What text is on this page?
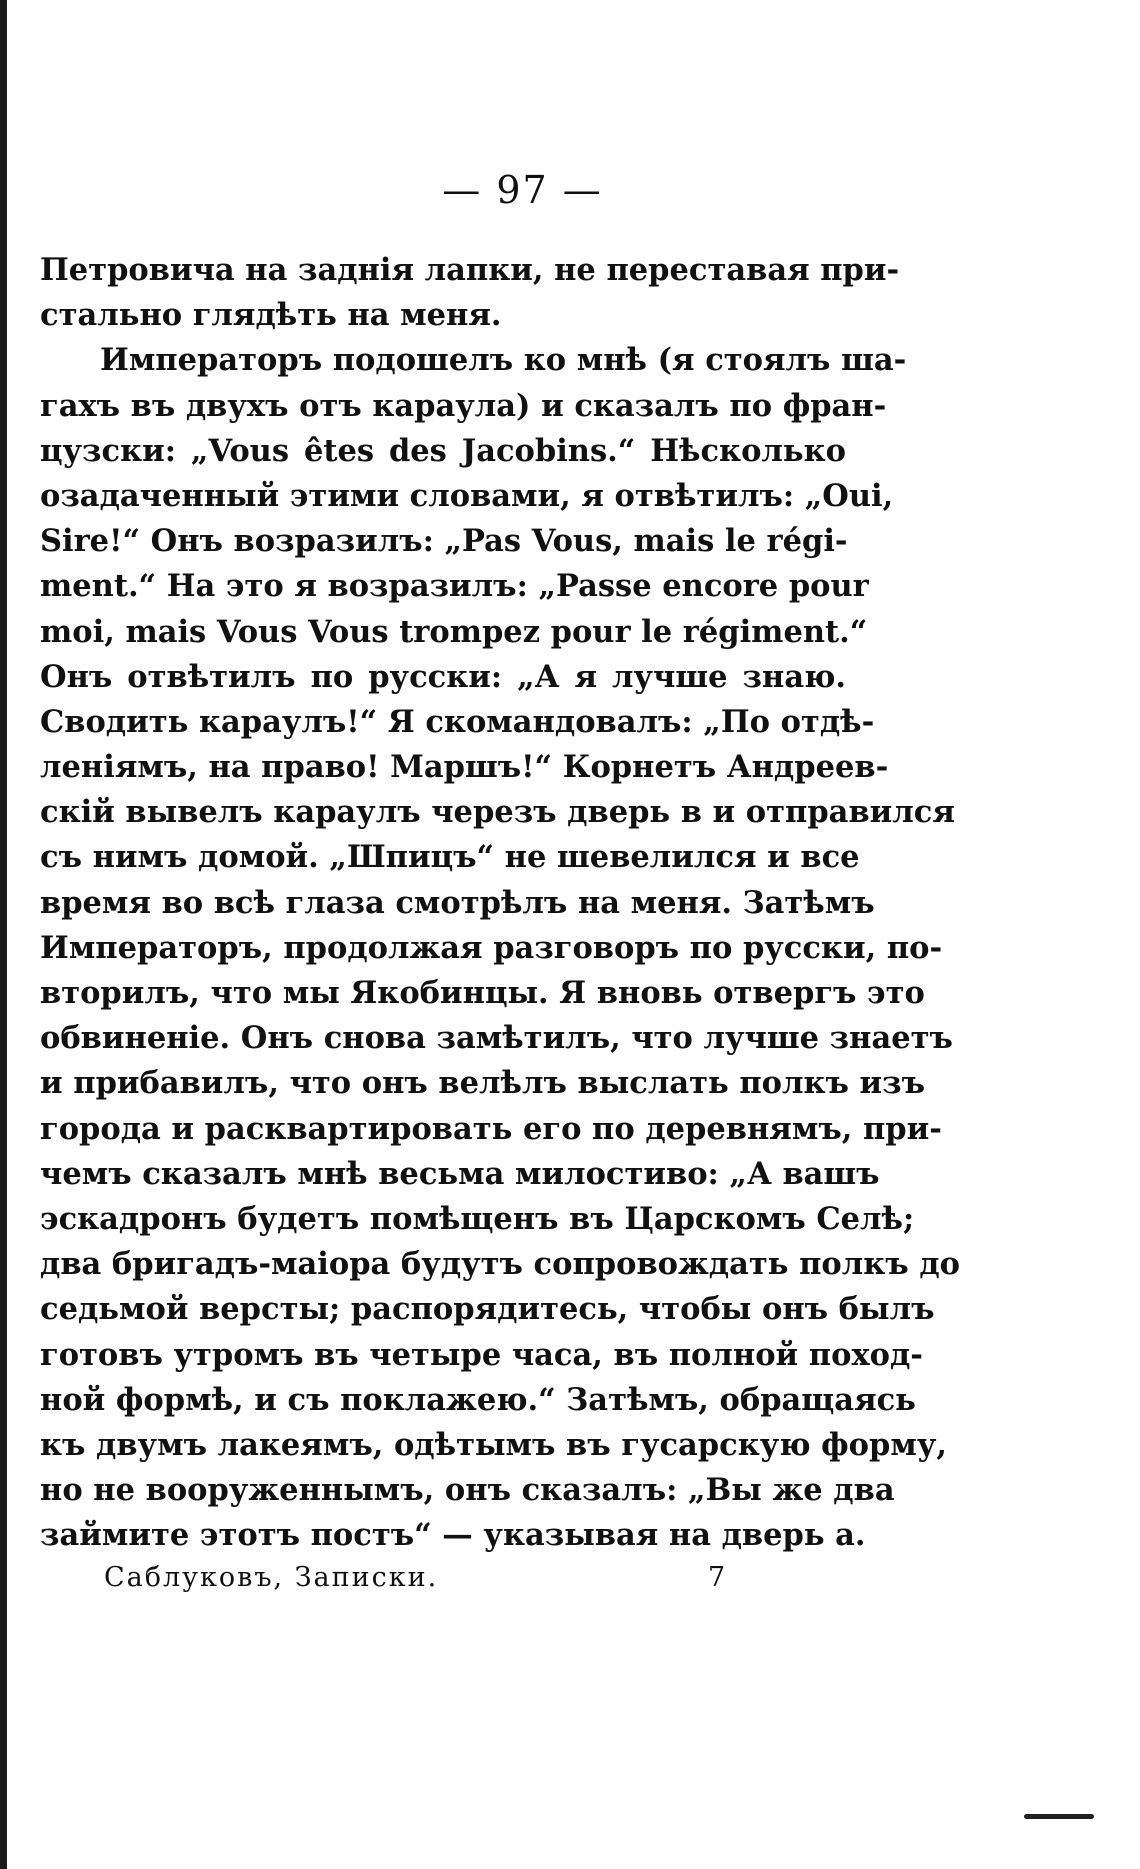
— 97 —
Петровича на заднія лапки, не переставая при-
стально глядѣть на меня.
Императоръ подошелъ ко мнѣ (я стоялъ ша-
гахъ въ двухъ отъ караула) и сказалъ по фран-
цузски: „Vous êtes des Jacobins.“ Нѣсколько
озадаченный этими словами, я отвѣтилъ: „Oui,
Sire!“ Онъ возразилъ: „Pas Vous, mais le régi-
ment.“ На это я возразилъ: „Passe encore pour
moi, mais Vous Vous trompez pour le régiment.“
Онъ отвѣтилъ по русски: „А я лучше знаю.
Сводить караулъ!“ Я скомандовалъ: „По отдѣ-
леніямъ, на право! Маршъ!“ Корнетъ Андреев-
скій вывелъ караулъ черезъ дверь в и отправился
съ нимъ домой. „Шпицъ“ не шевелился и все
время во всѣ глаза смотрѣлъ на меня. Затѣмъ
Императоръ, продолжая разговоръ по русски, по-
вторилъ, что мы Якобинцы. Я вновь отвергъ это
обвиненіе. Онъ снова замѣтилъ, что лучше знаетъ
и прибавилъ, что онъ велѣлъ выслать полкъ изъ
города и расквартировать его по деревнямъ, при-
чемъ сказалъ мнѣ весьма милостиво: „А вашъ
эскадронъ будетъ помѣщенъ въ Царскомъ Селѣ;
два бригадъ-маіора будутъ сопровождать полкъ до
седьмой версты; распорядитесь, чтобы онъ былъ
готовъ утромъ въ четыре часа, въ полной поход-
ной формѣ, и съ поклажею.“ Затѣмъ, обращаясь
къ двумъ лакеямъ, одѣтымъ въ гусарскую форму,
но не вооруженнымъ, онъ сказалъ: „Вы же два
займите этотъ постъ“ — указывая на дверь а.
Саблуковъ, Записки.	7
